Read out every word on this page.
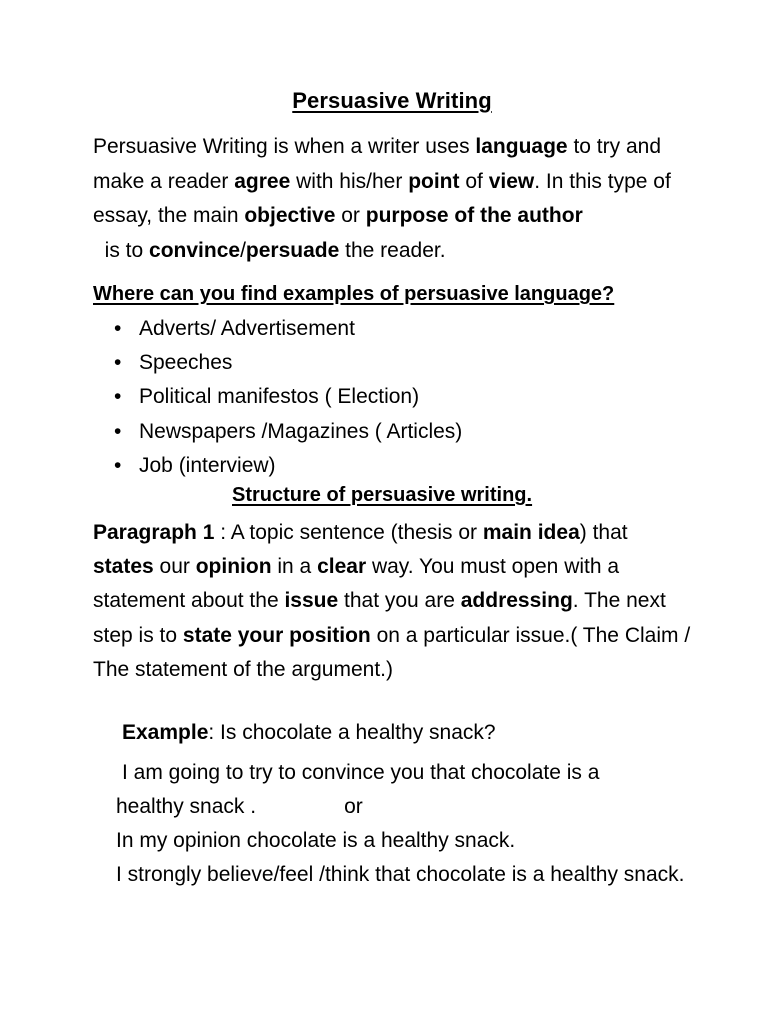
Persuasive Writing
Persuasive Writing is when a writer uses language to try and make a reader agree with his/her point of view. In this type of essay, the main objective or purpose of the author  is to convince/persuade the reader.
Where can you find examples of persuasive language?
• Adverts/ Advertisement
• Speeches
• Political manifestos ( Election)
• Newspapers /Magazines ( Articles)
• Job (interview)
Structure of persuasive writing.
Paragraph 1 : A topic sentence (thesis or main idea) that states our opinion in a clear way. You must open with a statement about the issue that you are addressing. The next step is to state your position on a particular issue.( The Claim / The statement of the argument.)
Example: Is chocolate a healthy snack?
I am going to try to convince you that chocolate is a
healthy snack .	or
In my opinion chocolate is a healthy snack.
I strongly believe/feel /think that chocolate is a healthy snack.
